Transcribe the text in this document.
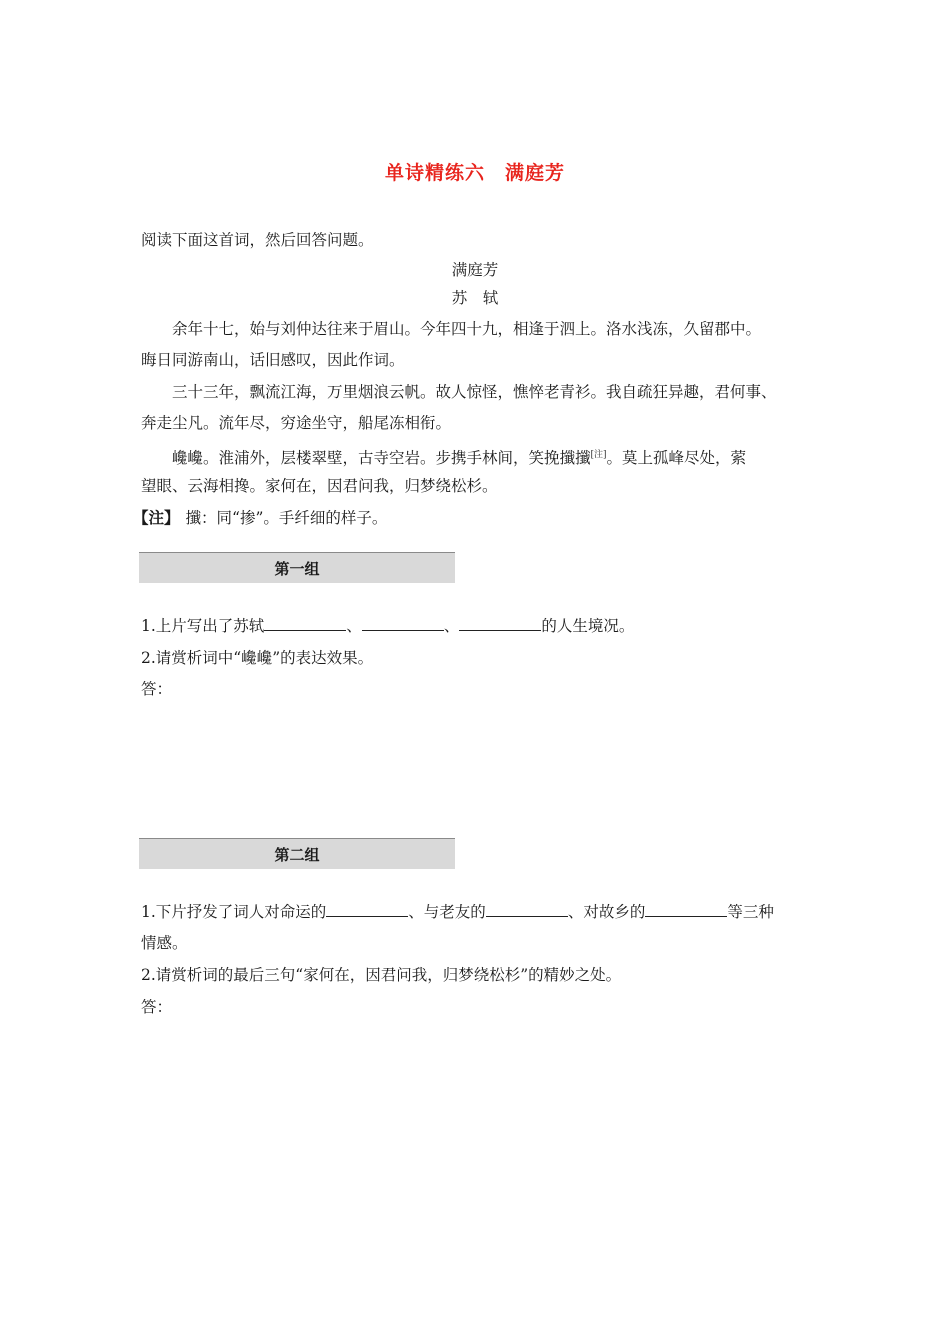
单诗精练六　满庭芳
阅读下面这首词，然后回答问题。
满庭芳
苏　轼
余年十七，始与刘仲达往来于眉山。今年四十九，相逢于泗上。洛水浅冻，久留郡中。
晦日同游南山，话旧感叹，因此作词。
三十三年，飘流江海，万里烟浪云帆。故人惊怪，憔悴老青衫。我自疏狂异趣，君何事、
奔走尘凡。流年尽，穷途坐守，船尾冻相衔。
巉巉。淮浦外，层楼翠壁，古寺空岩。步携手林间，笑挽攕攕[注]。莫上孤峰尽处，萦
望眼、云海相搀。家何在，因君问我，归梦绕松杉。
【注】 攕：同“掺”。手纤细的样子。
第一组
1.上片写出了苏轼	、	、	的人生境况。
2.请赏析词中“巉巉”的表达效果。
答：
第二组
1.下片抒发了词人对命运的	、与老友的	、对故乡的	等三种
情感。
2.请赏析词的最后三句“家何在，因君问我，归梦绕松杉”的精妙之处。
答：
